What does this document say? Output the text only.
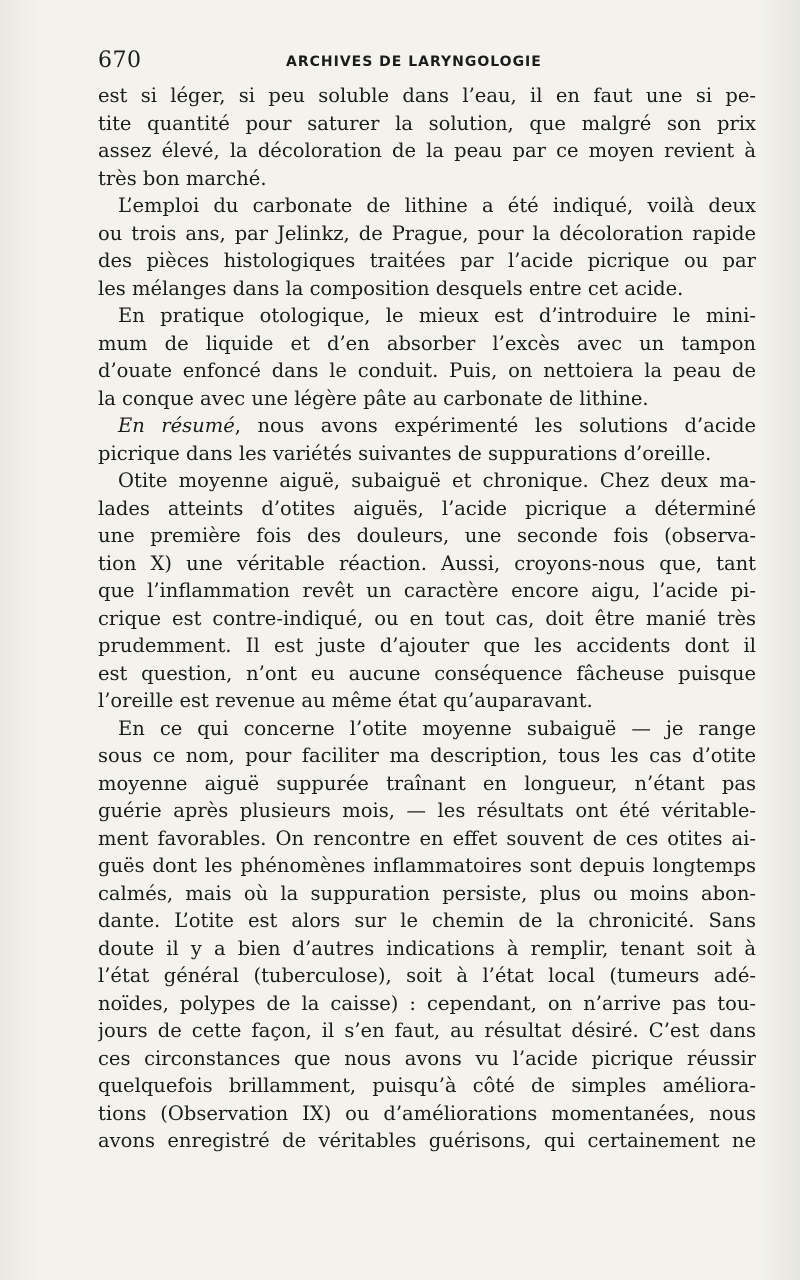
670	ARCHIVES DE LARYNGOLOGIE
est si léger, si peu soluble dans l’eau, il en faut une si pe-
tite quantité pour saturer la solution, que malgré son prix
assez élevé, la décoloration de la peau par ce moyen revient à
très bon marché.
L’emploi du carbonate de lithine a été indiqué, voilà deux
ou trois ans, par Jelinkz, de Prague, pour la décoloration rapide
des pièces histologiques traitées par l’acide picrique ou par
les mélanges dans la composition desquels entre cet acide.
En pratique otologique, le mieux est d’introduire le mini-
mum de liquide et d’en absorber l’excès avec un tampon
d’ouate enfoncé dans le conduit. Puis, on nettoiera la peau de
la conque avec une légère pâte au carbonate de lithine.
En résumé, nous avons expérimenté les solutions d’acide
picrique dans les variétés suivantes de suppurations d’oreille.
Otite moyenne aiguë, subaiguë et chronique. Chez deux ma-
lades atteints d’otites aiguës, l’acide picrique a déterminé
une première fois des douleurs, une seconde fois (observa-
tion X) une véritable réaction. Aussi, croyons-nous que, tant
que l’inflammation revêt un caractère encore aigu, l’acide pi-
crique est contre-indiqué, ou en tout cas, doit être manié très
prudemment. Il est juste d’ajouter que les accidents dont il
est question, n’ont eu aucune conséquence fâcheuse puisque
l’oreille est revenue au même état qu’auparavant.
En ce qui concerne l’otite moyenne subaiguë — je range
sous ce nom, pour faciliter ma description, tous les cas d’otite
moyenne aiguë suppurée traînant en longueur, n’étant pas
guérie après plusieurs mois, — les résultats ont été véritable-
ment favorables. On rencontre en effet souvent de ces otites ai-
guës dont les phénomènes inflammatoires sont depuis longtemps
calmés, mais où la suppuration persiste, plus ou moins abon-
dante. L’otite est alors sur le chemin de la chronicité. Sans
doute il y a bien d’autres indications à remplir, tenant soit à
l’état général (tuberculose), soit à l’état local (tumeurs adé-
noïdes, polypes de la caisse) : cependant, on n’arrive pas tou-
jours de cette façon, il s’en faut, au résultat désiré. C’est dans
ces circonstances que nous avons vu l’acide picrique réussir
quelquefois brillamment, puisqu’à côté de simples améliora-
tions (Observation IX) ou d’améliorations momentanées, nous
avons enregistré de véritables guérisons, qui certainement ne
